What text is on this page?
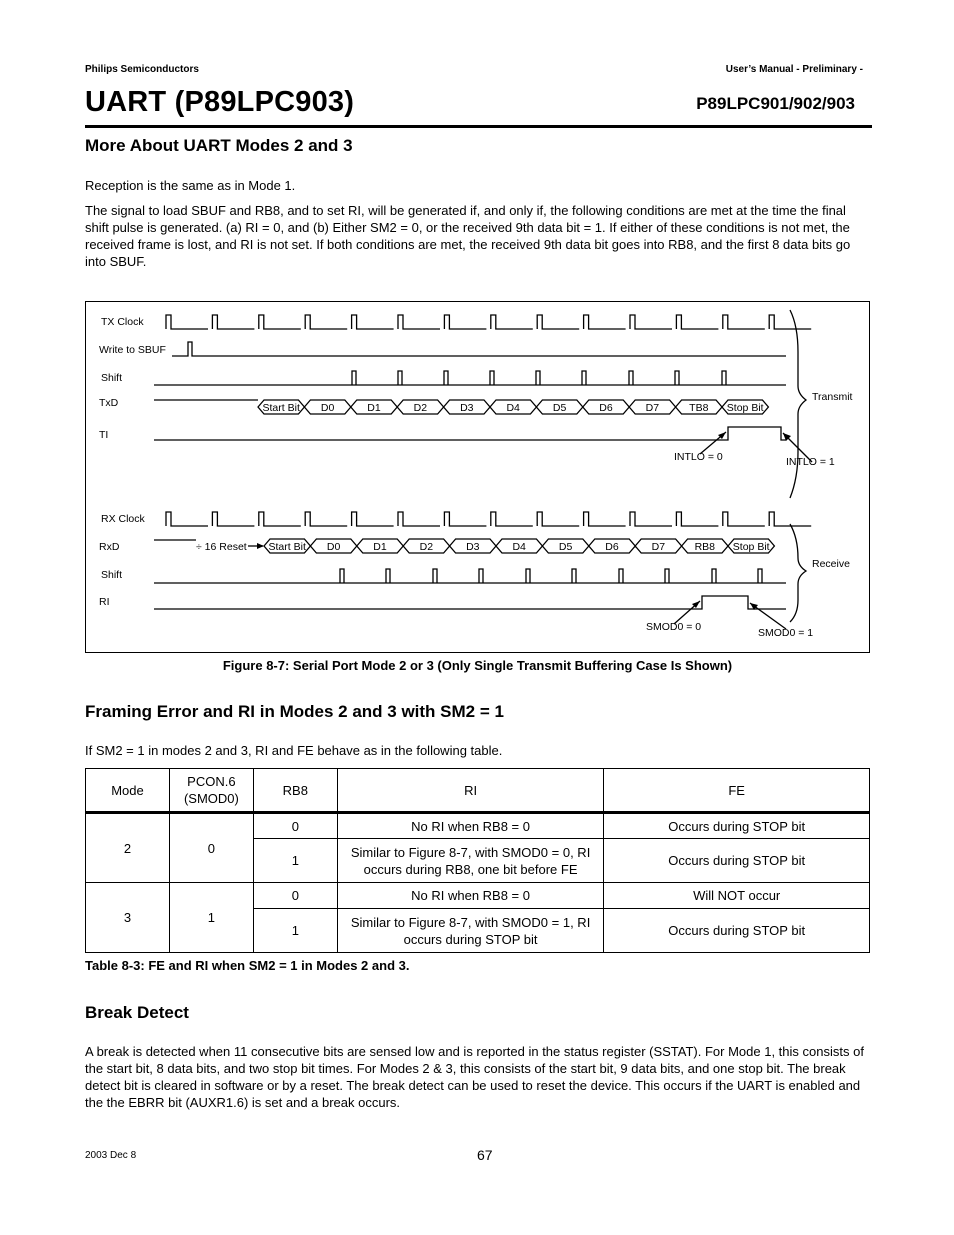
Philips Semiconductors	User’s Manual - Preliminary -
UART (P89LPC903)	P89LPC901/902/903
More About UART Modes 2 and 3

Reception is the same as in Mode 1.

The signal to load SBUF and RB8, and to set RI, will be generated if, and only if, the following conditions are met at the time the final shift pulse is generated. (a) RI = 0, and (b) Either SM2 = 0, or the received 9th data bit = 1. If either of these conditions is not met, the received frame is lost, and RI is not set. If both conditions are met, the received 9th data bit goes into RB8, and the first 8 data bits go into SBUF.

TX Clock
Write to SBUF
Shift
TxD	Start Bit D0	D1	D2	D3	D4	D5	D6	D7	TB8 Stop Bit
TI
INTLO = 0	INTLO = 1
Transmit
RX Clock
RxD	÷ 16 Reset Start Bit D0	D1	D2	D3	D4	D5	D6	D7	RB8 Stop Bit
Shift
RI
SMOD0 = 0	SMOD0 = 1
Receive
Figure 8-7: Serial Port Mode 2 or 3 (Only Single Transmit Buffering Case Is Shown)
Framing Error and RI in Modes 2 and 3 with SM2 = 1

If SM2 = 1 in modes 2 and 3, RI and FE behave as in the following table.

Mode	PCON.6
(SMOD0)	RB8	RI	FE
2	0	0	No RI when RB8 = 0	Occurs during STOP bit
		1	Similar to Figure 8-7, with SMOD0 = 0, RI occurs during RB8, one bit before FE	Occurs during STOP bit
3	1	0	No RI when RB8 = 0	Will NOT occur
		1	Similar to Figure 8-7, with SMOD0 = 1, RI occurs during STOP bit	Occurs during STOP bit
Table 8-3: FE and RI when SM2 = 1 in Modes 2 and 3.
Break Detect

A break is detected when 11 consecutive bits are sensed low and is reported in the status register (SSTAT). For Mode 1, this consists of the start bit, 8 data bits, and two stop bit times. For Modes 2 & 3, this consists of the start bit, 9 data bits, and one stop bit. The break detect bit is cleared in software or by a reset. The break detect can be used to reset the device. This occurs if the UART is enabled and the the EBRR bit (AUXR1.6) is set and a break occurs.

2003 Dec 8	67
